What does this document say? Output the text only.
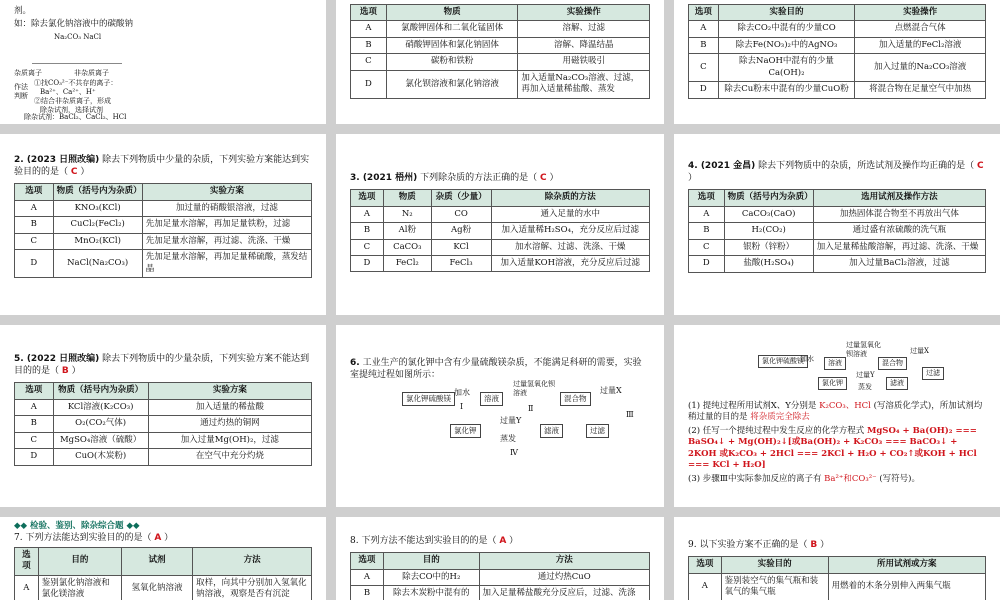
剂。
如：除去氯化钠溶液中的碳酸钠
Na₂CO₃ NaCl
杂质离子	非杂质离子
作法判断
①找CO₃²⁻不共存的离子：
Ba²⁺、Ca²⁺、H⁺
②结合非杂质离子，形成
除杂试剂，选择试剂
除杂试剂：BaCl₂、CaCl₂、HCl
选项	物质	实验操作
A	氯酸钾固体和二氧化锰固体	溶解、过滤
B	硝酸钾固体和氯化钠固体	溶解、降温结晶
C	碳粉和铁粉	用磁铁吸引
D	氯化钡溶液和氯化钠溶液	加入适量Na₂CO₃溶液、过滤，再加入适量稀盐酸、蒸发
选项	实验目的	实验操作
A	除去CO₂中混有的少量CO	点燃混合气体
B	除去Fe(NO₃)₂中的AgNO₃	加入适量的FeCl₂溶液
C	除去NaOH中混有的少量Ca(OH)₂	加入过量的Na₂CO₃溶液
D	除去Cu粉末中混有的少量CuO粉	将混合物在足量空气中加热

2. (2023 日照改编) 除去下列物质中少量的杂质，下列实验方案能达到实验目的的是（ C ）

选项	物质（括号内为杂质）	实验方案
A	KNO₃(KCl)	加过量的硝酸银溶液，过滤
B	CuCl₂(FeCl₂)	先加足量水溶解，再加足量铁粉，过滤
C	MnO₂(KCl)	先加足量水溶解，再过滤、洗涤、干燥
D	NaCl(Na₂CO₃)	先加足量水溶解，再加足量稀硫酸，蒸发结晶

3. (2021 梧州) 下列除杂质的方法正确的是（ C ）

选项	物质	杂质（少量）	除杂质的方法
A	N₂	CO	通入足量的水中
B	Al粉	Ag粉	加入适量稀H₂SO₄，充分反应后过滤
C	CaCO₃	KCl	加水溶解、过滤、洗涤、干燥
D	FeCl₂	FeCl₃	加入适量KOH溶液，充分反应后过滤

4. (2021 金昌) 除去下列物质中的杂质，所选试剂及操作均正确的是（ C ）

选项	物质（括号内为杂质）	选用试剂及操作方法
A	CaCO₃(CaO)	加热固体混合物至不再放出气体
B	H₂(CO₂)	通过盛有浓硫酸的洗气瓶
C	银粉（锌粉）	加入足量稀盐酸溶解，再过滤、洗涤、干燥
D	盐酸(H₂SO₄)	加入过量BaCl₂溶液，过滤

5. (2022 日照改编) 除去下列物质中的少量杂质，下列实验方案不能达到目的的是（ B ）

选项	物质（括号内为杂质）	实验方案
A	KCl溶液(K₂CO₃)	加入适量的稀盐酸
B	O₂(CO₂气体)	通过灼热的铜网
C	MgSO₄溶液（硫酸）	加入过量Mg(OH)₂，过滤
D	CuO(木炭粉)	在空气中充分灼烧

6. 工业生产的氯化钾中含有少量硫酸镁杂质，不能满足科研的需要，实验室提纯过程如图所示：

氯化钾硫酸镁
加水
Ⅰ
溶液
过量氢氧化钡溶液
Ⅱ
混合物
过量X
过滤
Ⅲ
滤液
过量Y
蒸发
Ⅳ
氯化钾
氯化钾硫酸镁
加水	溶液
过量氢氧化钡溶液
混合物
过量X
过滤
滤液
过量Y
蒸发
氯化钾
(1) 提纯过程所用试剂X、Y分别是 K₂CO₃、HCl (写溶质化学式)，所加试剂均稍过量的目的是 将杂质完全除去
(2) 任写一个提纯过程中发生反应的化学方程式 MgSO₄ + Ba(OH)₂ === BaSO₄↓ + Mg(OH)₂↓[或Ba(OH)₂ + K₂CO₃ === BaCO₃↓ + 2KOH 或K₂CO₃ + 2HCl === 2KCl + H₂O + CO₂↑或KOH + HCl === KCl + H₂O]
(3) 步骤Ⅲ中实际参加反应的离子有 Ba²⁺和CO₃²⁻ (写符号)。
◆◆ 检验、鉴别、除杂综合题 ◆◆

7. 下列方法能达到实验目的的是（ A ）

选项	目的	试剂	方法
A	鉴别氯化钠溶液和氯化镁溶液	氢氧化钠溶液	取样，向其中分别加入氢氧化钠溶液，观察是否有沉淀

8. 下列方法不能达到实验目的的是（ A ）

选项	目的	方法
A	除去CO中的H₂	通过灼热CuO
B	除去木炭粉中混有的	加入足量稀盐酸充分反应后，过滤、洗涤

9. 以下实验方案不正确的是（ B ）

选项	实验目的	所用试剂或方案
A	鉴别装空气的集气瓶和装氧气的集气瓶	用燃着的木条分别伸入两集气瓶
